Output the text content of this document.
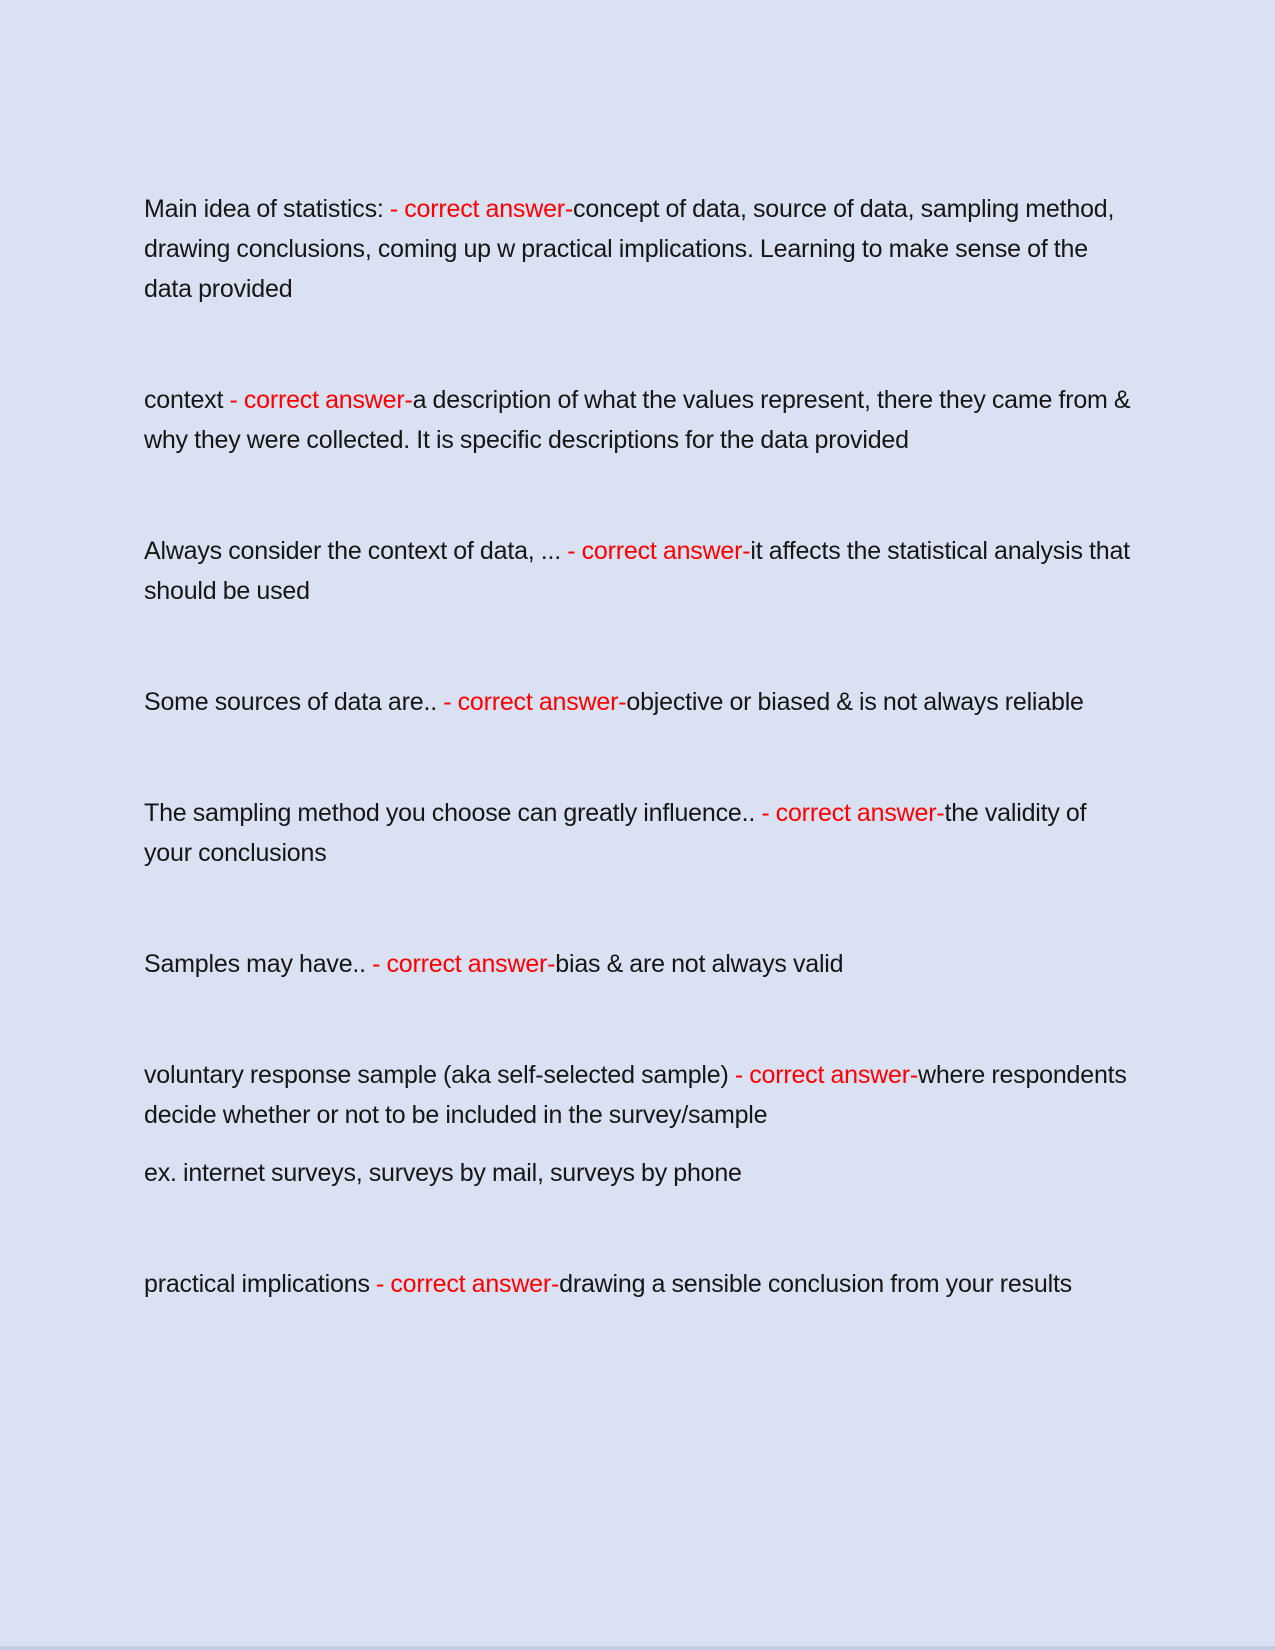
Main idea of statistics: - correct answer-concept of data, source of data, sampling method, drawing conclusions, coming up w practical implications. Learning to make sense of the data provided

context - correct answer-a description of what the values represent, there they came from & why they were collected. It is specific descriptions for the data provided

Always consider the context of data, ... - correct answer-it affects the statistical analysis that should be used

Some sources of data are.. - correct answer-objective or biased & is not always reliable

The sampling method you choose can greatly influence.. - correct answer-the validity of your conclusions

Samples may have.. - correct answer-bias & are not always valid

voluntary response sample (aka self-selected sample) - correct answer-where respondents decide whether or not to be included in the survey/sample

ex. internet surveys, surveys by mail, surveys by phone

practical implications - correct answer-drawing a sensible conclusion from your results
